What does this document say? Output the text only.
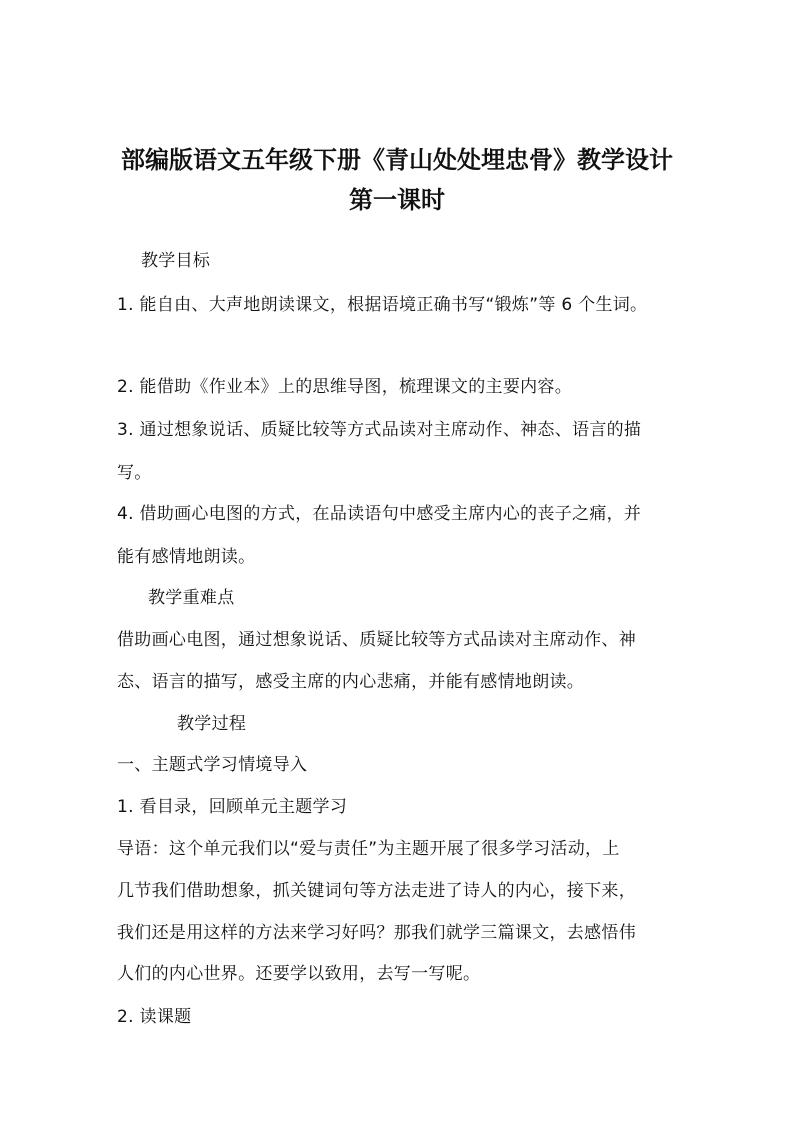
部编版语文五年级下册《青山处处埋忠骨》教学设计
第一课时
教学目标
1. 能自由、大声地朗读课文，根据语境正确书写“锻炼”等 6 个生词。
2. 能借助《作业本》上的思维导图，梳理课文的主要内容。
3. 通过想象说话、质疑比较等方式品读对主席动作、神态、语言的描
写。
4. 借助画心电图的方式，在品读语句中感受主席内心的丧子之痛，并
能有感情地朗读。
教学重难点
借助画心电图，通过想象说话、质疑比较等方式品读对主席动作、神
态、语言的描写，感受主席的内心悲痛，并能有感情地朗读。
教学过程
一、主题式学习情境导入
1. 看目录，回顾单元主题学习
导语：这个单元我们以“爱与责任”为主题开展了很多学习活动，上
几节我们借助想象，抓关键词句等方法走进了诗人的内心，接下来，
我们还是用这样的方法来学习好吗？那我们就学三篇课文，去感悟伟
人们的内心世界。还要学以致用，去写一写呢。
2. 读课题
